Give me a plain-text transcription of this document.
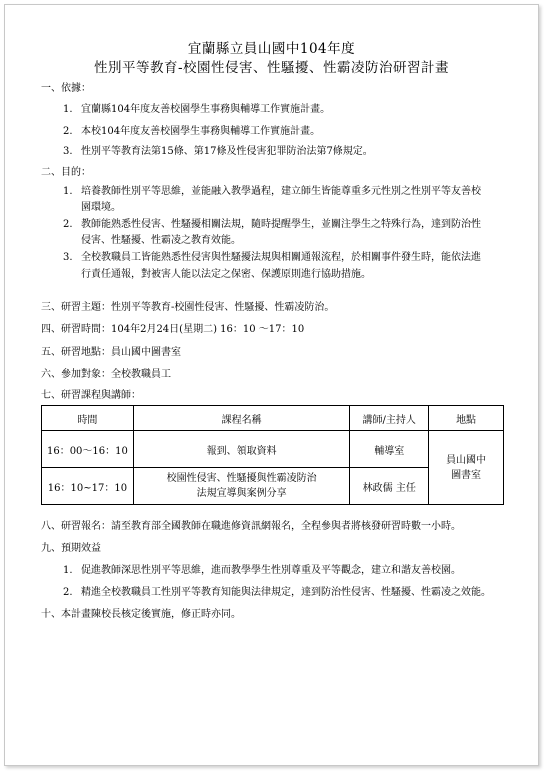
宜蘭縣立員山國中104年度
性別平等教育-校園性侵害、性騷擾、性霸凌防治研習計畫
一、依據：
1. 宜蘭縣104年度友善校園學生事務與輔導工作實施計畫。
2. 本校104年度友善校園學生事務與輔導工作實施計畫。
3. 性別平等教育法第15條、第17條及性侵害犯罪防治法第7條規定。
二、目的：
1. 培養教師性別平等思維，並能融入教學過程，建立師生皆能尊重多元性別之性別平等友善校
園環境。
2. 教師能熟悉性侵害、性騷擾相關法規，隨時提醒學生，並關注學生之特殊行為，達到防治性
侵害、性騷擾、性霸凌之教育效能。
3. 全校教職員工皆能熟悉性侵害與性騷擾法規與相關通報流程，於相關事件發生時，能依法進
行責任通報，對被害人能以法定之保密、保護原則進行協助措施。
三、研習主題：性別平等教育-校園性侵害、性騷擾、性霸凌防治。
四、研習時間：104年2月24日(星期二) 16：10 ～17：10
五、研習地點：員山國中圖書室
六、參加對象：全校教職員工
七、研習課程與講師：
時間	課程名稱	講師/主持人	地點
16：00～16：10	報到、領取資料	輔導室	員山國中
圖書室

16：10~17：10	校園性侵害、性騷擾與性霸凌防治
法規宣導與案例分享	林政儒 主任	
八、研習報名：請至教育部全國教師在職進修資訊網報名，全程參與者將核發研習時數一小時。
九、預期效益
1. 促進教師深思性別平等思維，進而教學學生性別尊重及平等觀念，建立和諧友善校園。
2. 精進全校教職員工性別平等教育知能與法律規定，達到防治性侵害、性騷擾、性霸凌之效能。
十、本計畫陳校長核定後實施，修正時亦同。
